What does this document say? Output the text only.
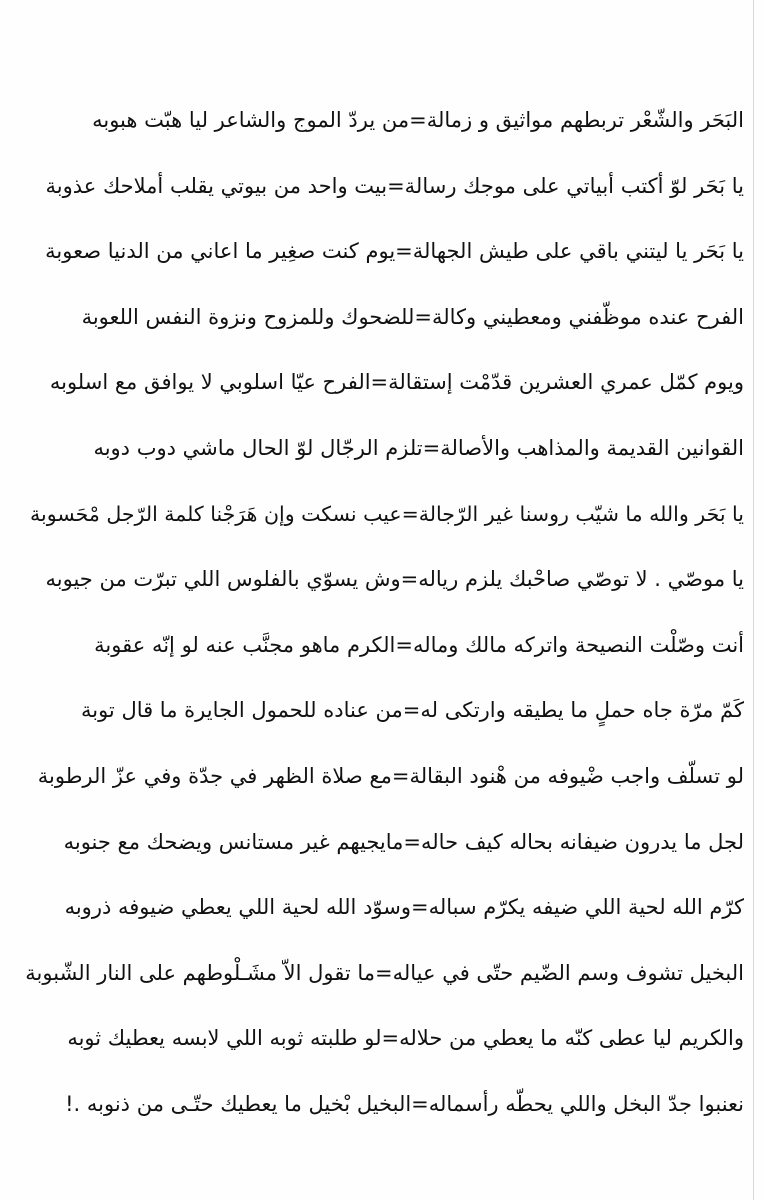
البَحَر والشّعْر تربطهم مواثيق و زمالة=من يردّ الموج والشاعر ليا هبّت هبوبه
يا بَحَر لوّ أكتب أبياتي على موجك رسالة=بيت واحد من بيوتي يقلب أملاحك عذوبة
يا بَحَر يا ليتني باقي على طيش الجهالة=يوم كنت صغِير ما اعاني من الدنيا صعوبة
الفرح عنده موظّفني ومعطيني وكالة=للضحوك وللمزوح ونزوة النفس اللعوبة
ويوم كمّل عمري العشرين قدّمْت إستقالة=الفرح عيّا اسلوبي لا يوافق مع اسلوبه
القوانين القديمة والمذاهب والأصالة=تلزم الرجّال لوّ الحال ماشي دوب دوبه
يا بَحَر والله ما شيّب روسنا غير الرّجالة=عيب نسكت وإن هَرَجْنا كلمة الرّجل مْحَسوبة
يا موصّي . لا توصّي صاحْبك يلزم رياله=وش يسوّي بالفلوس اللي تبرّت من جيوبه
أنت وصّلْت النصيحة واتركه مالك وماله=الكرم ماهو مجنَّب عنه لو إنّه عقوبة
كَمّ مرّة جاه حملٍ ما يطيقه وارتكى له=من عناده للحمول الجايرة ما قال توبة
لو تسلّف واجب ضْيوفه من هْنود البقالة=مع صلاة الظهر في جدّة وفي عزّ الرطوبة
لجل ما يدرون ضيفانه بحاله كيف حاله=مايجيهم غير مستانس ويضحك مع جنوبه
كرّم الله لحية اللي ضيفه يكرّم سباله=وسوّد الله لحية اللي يعطي ضيوفه ذروبه
البخيل تشوف وسم الضّيم حتّى في عياله=ما تقول الاّ مشَـلْوطهم على النار الشّبوبة
والكريم ليا عطى كنّه ما يعطي من حلاله=لو طلبته ثوبه اللي لابسه يعطيك ثوبه
نعنبوا جدّ البخل واللي يحطّه رأسماله=البخيل بْخيل ما يعطيك حتّـى من ذنوبه .!
